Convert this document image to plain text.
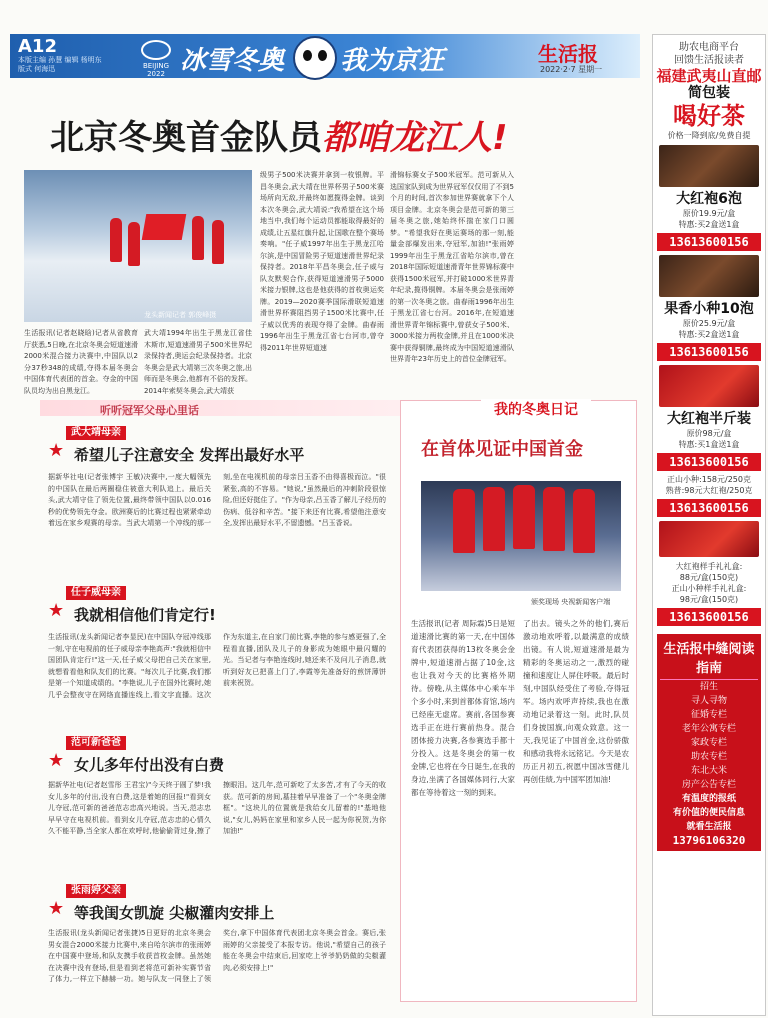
A12
本版主编 孙慧 编辑 杨明东
版式 何海迅	BEIJING 2022 冰雪冬奥 我为京狂	生活报
2022·2·7 星期一
北京冬奥首金队员都咱龙江人!
龙头新闻记者 郭俊峰摄
生活报讯(记者赵晓晗)记者从省教育厅获悉,5日晚,在北京冬奥会短道速滑2000米混合接力决赛中,中国队以2分37秒348的成绩,夺得本届冬奥会中国体育代表团的首金。夺金的中国队员均为出自黑龙江。
武大靖1994年出生于黑龙江省佳木斯市,短道速滑男子500米世界纪录保持者,奥运会纪录保持者。北京冬奥会是武大靖第三次冬奥之旅,出师而是冬奥会,他都有不俗的发挥。2014年索契冬奥会,武大靖获
级男子500米决赛并拿到一枚银牌。平昌冬奥会,武大靖在世界杯男子500米赛场所向无敌,并最终如愿揽得金牌。谈到本次冬奥会,武大靖说:"我希望在这个场地当中,我们每个运动员都能取得最好的成绩,让五星红旗升起,让国歌在整个赛场奏响。"任子威1997年出生于黑龙江哈尔滨,是中国冒险男子短道速滑世界纪录保持者。2018年平昌冬奥会,任子威与队友默契合作,获得短道速滑男子5000米接力银牌,这也是他获得的首枚奥运奖牌。2019—2020赛季国际滑联短道速滑世界杯赛阻挡男子1500米比赛中,任子威以优秀的表现夺得了金牌。曲春雨1996年出生于黑龙江省七台河市,曾夺得2011年世界短道速
滑锦标赛女子500米冠军。范可新从入选国家队到成为世界冠军仅仅用了不到5个月的时间,首次参加世界赛就拿下个人项目金牌。北京冬奥会是范可新的第三届冬奥之旅,她始终怀揣在家门口圆梦。"希望我好在奥运赛场的那一刻,能量金部爆发出来,夺冠军,加油!"张雨婷1999年出生于黑龙江省哈尔滨市,曾在2018年国际短道速滑青年世界锦标赛中获得1500米冠军,并打破1000米世界青年纪录,揽得铜牌。本届冬奥会是张雨婷的第一次冬奥之旅。曲春雨1996年出生于黑龙江省七台河。2016年,在短道速滑世界青年锦标赛中,曾获女子500米、3000米接力两枚金牌,并且在1000米决赛中获得铜牌,最终成为中国短道速滑队世界青年23年历史上的首位金牌冠军。
听听冠军父母心里话
武大靖母亲
★ 希望儿子注意安全 发挥出最好水平
据新华社电(记者张博宇 王敏)决赛中,一度大幅领先的中国队在最后两圈稳住被意大利队追上。最后关头,武大靖守住了领先位置,最终带领中国队以0.016秒的优势领先夺金。欧洲赛后的比赛过程也紧紧牵动着远在家乡观赛的母亲。当武大靖第一个冲线的那一刻,坐在电视机前的母亲吕玉香不由得喜极而泣。"很紧张,高的不容易。"她说,"虽然最后的冲刺阶段很惊险,但还好挺住了。"作为母亲,吕玉香了解儿子经历的伤病、低谷和辛苦。"接下来还有比赛,希望他注意安全,发挥出最好水平,不留遗憾。"吕玉香说。
任子威母亲
★ 我就相信他们肯定行!
生活报讯(龙头新闻记者李显民)在中国队夺冠冲线那一刻,守在电视前的任子威母亲李艳高声:"我就相信中国团队肯定行!"这一天,任子威父母把自己关在家里,就想看看他和队友们的比赛。"每次儿子比赛,我们都是第一个知道成绩的。"李艳说,儿子在国外比赛时,她几乎会整夜守在网络直播连线上,看文字直播。这次作为东道主,在自家门前比赛,李艳的参与感更强了,全程看直播,团队及儿子的身影成为她眼中最闪耀的光。当记者与李艳连线时,她还来不及问儿子消息,就听到好友已把喜上门了,李霞等先准备好的煎饼薄饼前来祝贺。
范可新爸爸
★ 女儿多年付出没有白费
据新华社电(记者赵雪彤 王君宝)"今天终于圆了梦!我女儿多年的付出,没有白费,这是着她的回报!"看到女儿夺冠,范可新的爸爸范志忠高兴地说。当天,范志忠早早守在电视机前。看到女儿夺冠,范志忠的心情久久不能平静,当全家人都在欢呼时,他偷偷背过身,擦了擦眼泪。这几年,范可新吃了太多苦,才有了今天的收获。范可新的房间,墓挂着早早准备了一个"冬奥金牌框"。"这块儿的位置就是我给女儿留着的!"基地他说,"女儿,妈妈在家里和家乡人民一起为你祝贺,为你加油!"
张雨婷父亲
★ 等我闺女凯旋 尖椒灌肉安排上
生活报讯(龙头新闻记者张捷)5日更好的北京冬奥会男女混合2000米接力比赛中,来自哈尔滨市的张雨婷在中国赛中登场,和队友携手收获首枚金牌。虽然她在决赛中没有登场,但是看到老将范可新补实赛节省了体力,一样立下赫赫一功。她与队友一同登上了领奖台,拿下中国体育代表团北京冬奥会首金。赛后,张雨婷的父亲接受了本报专访。他说,"希望自己的孩子能在冬奥会中结束后,回家吃上爷爷奶奶做的尖椒灌肉,必须安排上!"
我的冬奥日记
在首体见证中国首金
颁奖现场 央视新闻客户端
生活报讯(记者 周际霖)5日是短道速滑比赛的第一天,在中国体育代表团获得的13枚冬奥会金牌中,短道速滑占据了10金,这也让我对今天的比赛格外期待。傍晚,从主媒体中心乘车半个多小时,来到首都体育馆,场内已经座无虚席。赛前,各国参赛选手正在进行赛前热身。混合团体接力决赛,各参赛选手都十分投入。这是冬奥会的第一枚金牌,它也将在今日诞生,在我的身边,坐满了各国媒体同行,大家都在等待着这一刻的到来。
了出去。镜头之外的他们,赛后激动地欢呼着,以最满意的成绩出镜。有人说,短道速滑是最为精彩的冬奥运动之一,激烈的碰撞和速度让人屏住呼吸。最后时刻,中国队经受住了考验,夺得冠军。场内欢呼声持续,我也在激动地记录着这一刻。此时,队员们身披国旗,向观众致意。这一天,我见证了中国首金,这份骄傲和感动我将永远铭记。今天是农历正月初五,祝愿中国冰雪健儿再创佳绩,为中国军团加油!
助农电商平台
回馈生活报读者
福建武夷山直邮
简包装
喝好茶
价格一降到底/免费自提
大红袍6泡
原价19.9元/盒
特惠:买2盒送1盒
13613600156
果香小种10泡
原价25.9元/盒
特惠:买2盒送1盒
13613600156
大红袍半斤装
原价98元/盒
特惠:买1盒送1盒
13613600156
正山小种:158元/250克
熟普:98元大红袍/250克
13613600156
大红袍样手礼礼盒:
88元/盒(150克)
正山小种样手礼礼盒:
98元/盒(150克)
13613600156
生活报中缝阅读指南
招生
寻人寻物
征婚专栏
老年公寓专栏
家政专栏
助农专栏
东北大米
房产公告专栏
有温度的报纸
有价值的便民信息
就看生活报
13796106320
